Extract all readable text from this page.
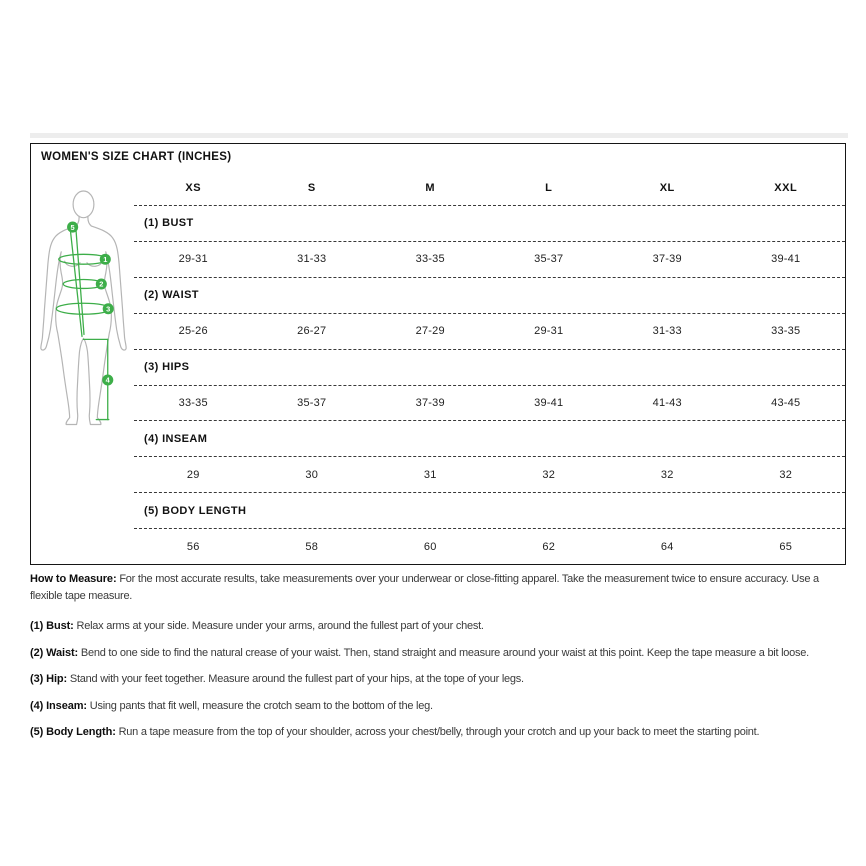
WOMEN'S SIZE CHART (INCHES)
XS	S	M	L	XL	XXL
1
2
3
4
5	(1) BUST
29-31	31-33	33-35	35-37	37-39	39-41
(2) WAIST
25-26	26-27	27-29	29-31	31-33	33-35
(3) HIPS
33-35	35-37	37-39	39-41	41-43	43-45
(4) INSEAM
29	30	31	32	32	32
(5) BODY LENGTH
56	58	60	62	64	65

How to Measure: For the most accurate results, take measurements over your underwear or close-fitting apparel. Take the measurement twice to ensure accuracy. Use a flexible tape measure.

(1) Bust: Relax arms at your side. Measure under your arms, around the fullest part of your chest.

(2) Waist: Bend to one side to find the natural crease of your waist. Then, stand straight and measure around your waist at this point. Keep the tape measure a bit loose.

(3) Hip: Stand with your feet together. Measure around the fullest part of your hips, at the tope of your legs.

(4) Inseam: Using pants that fit well, measure the crotch seam to the bottom of the leg.

(5) Body Length: Run a tape measure from the top of your shoulder, across your chest/belly, through your crotch and up your back to meet the starting point.
